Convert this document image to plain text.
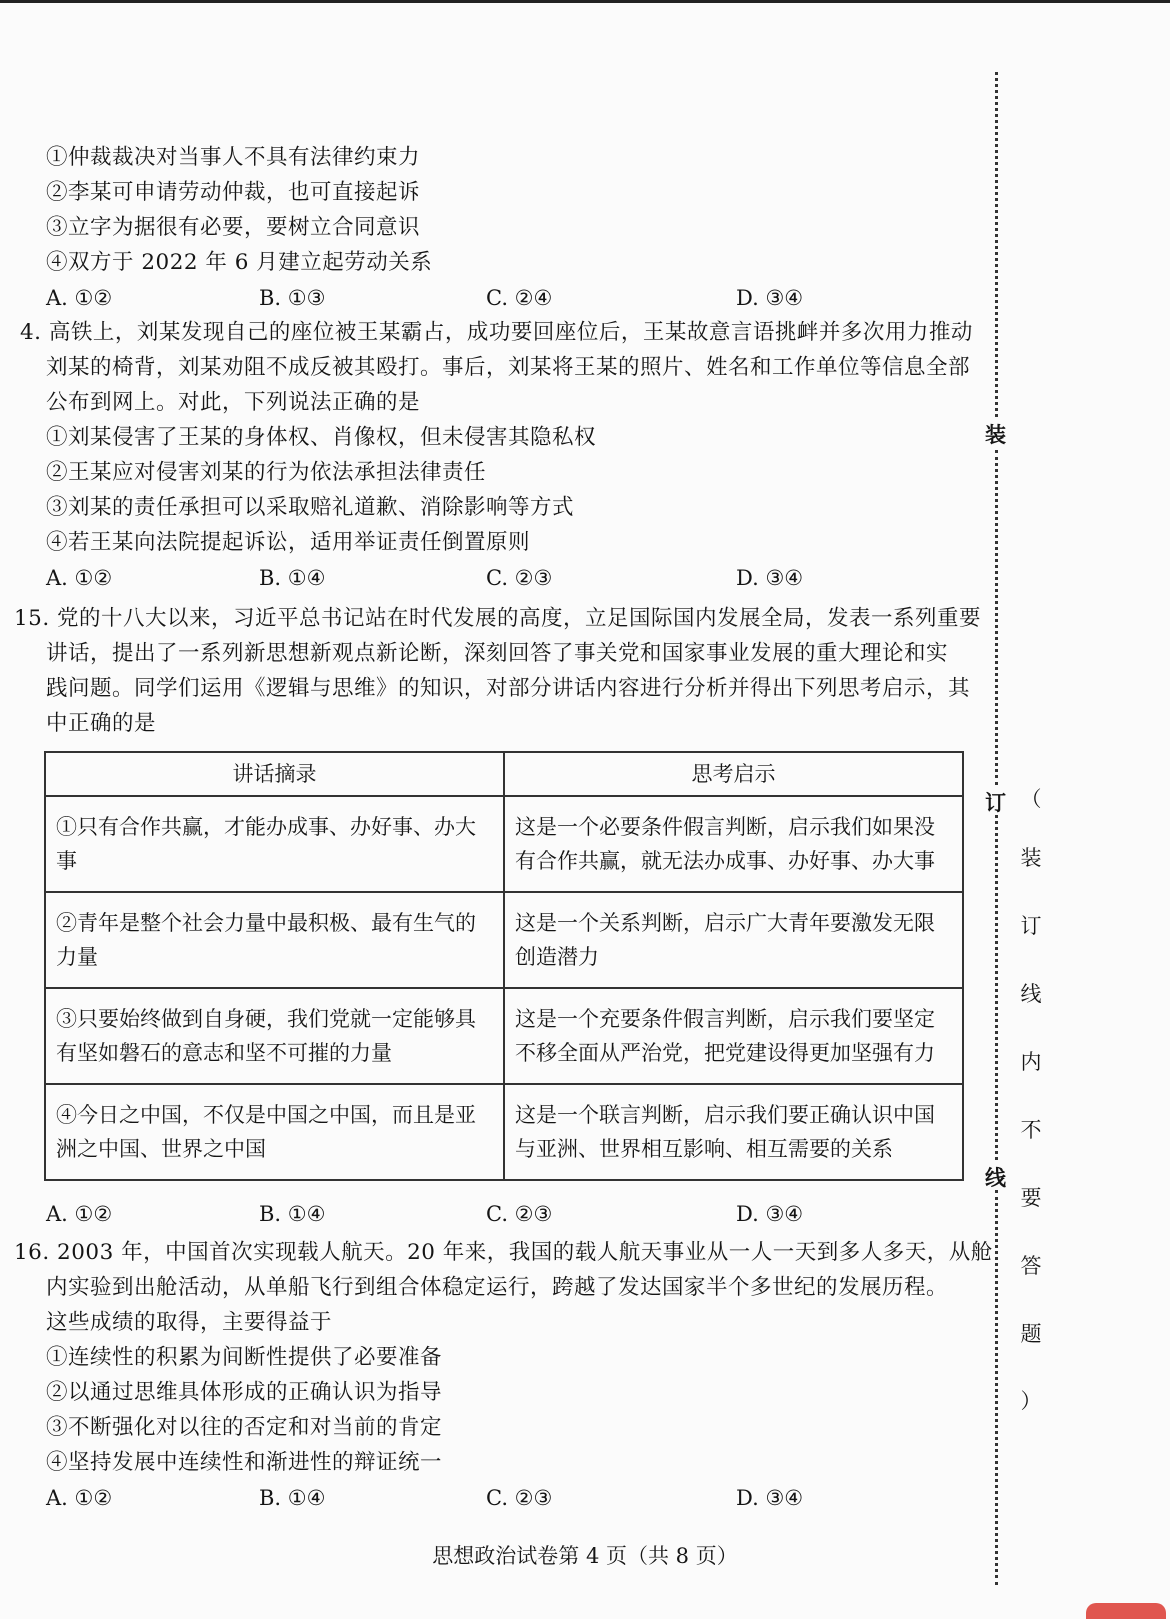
①仲裁裁决对当事人不具有法律约束力
②李某可申请劳动仲裁，也可直接起诉
③立字为据很有必要，要树立合同意识
④双方于 2022 年 6 月建立起劳动关系
A. ①②	B. ①③	C. ②④	D. ③④
4. 高铁上，刘某发现自己的座位被王某霸占，成功要回座位后，王某故意言语挑衅并多次用力推动
刘某的椅背，刘某劝阻不成反被其殴打。事后，刘某将王某的照片、姓名和工作单位等信息全部
公布到网上。对此，下列说法正确的是
①刘某侵害了王某的身体权、肖像权，但未侵害其隐私权
②王某应对侵害刘某的行为依法承担法律责任
③刘某的责任承担可以采取赔礼道歉、消除影响等方式
④若王某向法院提起诉讼，适用举证责任倒置原则
A. ①②	B. ①④	C. ②③	D. ③④
15. 党的十八大以来，习近平总书记站在时代发展的高度，立足国际国内发展全局，发表一系列重要
讲话，提出了一系列新思想新观点新论断，深刻回答了事关党和国家事业发展的重大理论和实
践问题。同学们运用《逻辑与思维》的知识，对部分讲话内容进行分析并得出下列思考启示，其
中正确的是
讲话摘录	思考启示
①只有合作共赢，才能办成事、办好事、办大事	这是一个必要条件假言判断，启示我们如果没有合作共赢，就无法办成事、办好事、办大事
②青年是整个社会力量中最积极、最有生气的力量	这是一个关系判断，启示广大青年要激发无限创造潜力
③只要始终做到自身硬，我们党就一定能够具有坚如磐石的意志和坚不可摧的力量	这是一个充要条件假言判断，启示我们要坚定不移全面从严治党，把党建设得更加坚强有力
④今日之中国，不仅是中国之中国，而且是亚洲之中国、世界之中国	这是一个联言判断，启示我们要正确认识中国与亚洲、世界相互影响、相互需要的关系
A. ①②	B. ①④	C. ②③	D. ③④
16. 2003 年，中国首次实现载人航天。20 年来，我国的载人航天事业从一人一天到多人多天，从舱
内实验到出舱活动，从单船飞行到组合体稳定运行，跨越了发达国家半个多世纪的发展历程。
这些成绩的取得，主要得益于
①连续性的积累为间断性提供了必要准备
②以通过思维具体形成的正确认识为指导
③不断强化对以往的否定和对当前的肯定
④坚持发展中连续性和渐进性的辩证统一
A. ①②	B. ①④	C. ②③	D. ③④
思想政治试卷第 4 页（共 8 页）
装
订
线
（
装
订
线
内
不
要
答
题
）
